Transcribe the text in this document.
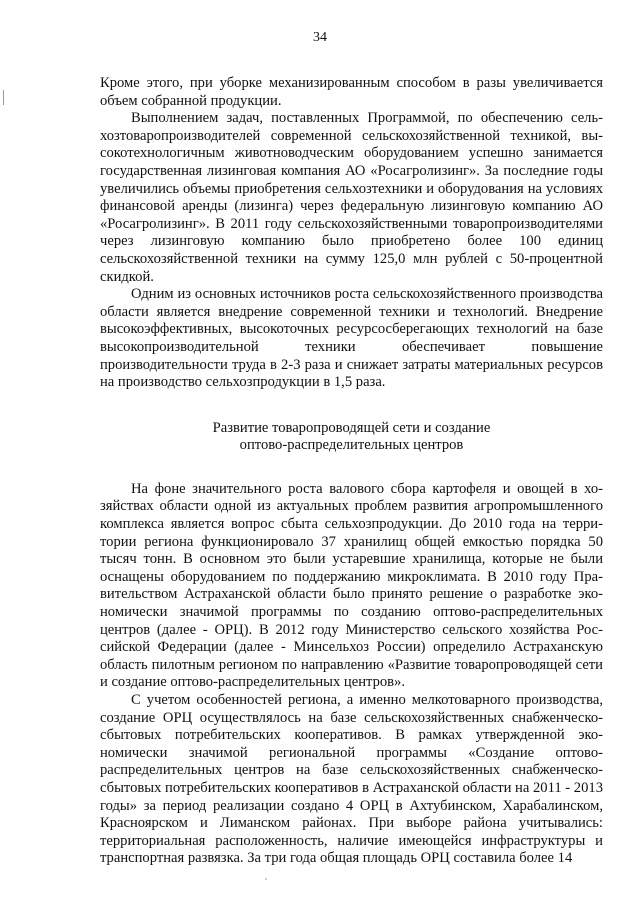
34

Кроме этого, при уборке механизированным способом в разы увеличивается объем собранной продукции.

Выполнением задач, поставленных Программой, по обеспечению сельхозтоваропроизводителей современной сельскохозяйственной техникой, высокотехнологичным животноводческим оборудованием успешно занимается государственная лизинговая компания АО «Росагролизинг». За последние годы увеличились объемы приобретения сельхозтехники и оборудования на условиях финансовой аренды (лизинга) через федеральную лизинговую компанию АО «Росагролизинг». В 2011 году сельскохозяйственными товаропроизводителями через лизинговую компанию было приобретено более 100 единиц сельскохозяйственной техники на сумму 125,0 млн рублей с 50-процентной скидкой.

Одним из основных источников роста сельскохозяйственного производства области является внедрение современной техники и технологий. Внедрение высокоэффективных, высокоточных ресурсосберегающих технологий на базе высокопроизводительной техники обеспечивает повышение производительности труда в 2-3 раза и снижает затраты материальных ресурсов на производство сельхозпродукции в 1,5 раза.

Развитие товаропроводящей сети и создание
оптово-распределительных центров

На фоне значительного роста валового сбора картофеля и овощей в хозяйствах области одной из актуальных проблем развития агропромышленного комплекса является вопрос сбыта сельхозпродукции. До 2010 года на территории региона функционировало 37 хранилищ общей емкостью порядка 50 тысяч тонн. В основном это были устаревшие хранилища, которые не были оснащены оборудованием по поддержанию микроклимата. В 2010 году Правительством Астраханской области было принято решение о разработке экономически значимой программы по созданию оптово-распределительных центров (далее - ОРЦ). В 2012 году Министерство сельского хозяйства Российской Федерации (далее - Минсельхоз России) определило Астраханскую область пилотным регионом по направлению «Развитие товаропроводящей сети и создание оптово-распределительных центров».

С учетом особенностей региона, а именно мелкотоварного производства, создание ОРЦ осуществлялось на базе сельскохозяйственных снабженческо-сбытовых потребительских кооперативов. В рамках утвержденной экономически значимой региональной программы «Создание оптово-распределительных центров на базе сельскохозяйственных снабженческо-сбытовых потребительских кооперативов в Астраханской области на 2011 - 2013 годы» за период реализации создано 4 ОРЦ в Ахтубинском, Харабалинском, Красноярском и Лиманском районах. При выборе района учитывались: территориальная расположенность, наличие имеющейся инфраструктуры и транспортная развязка. За три года общая площадь ОРЦ составила более 14
